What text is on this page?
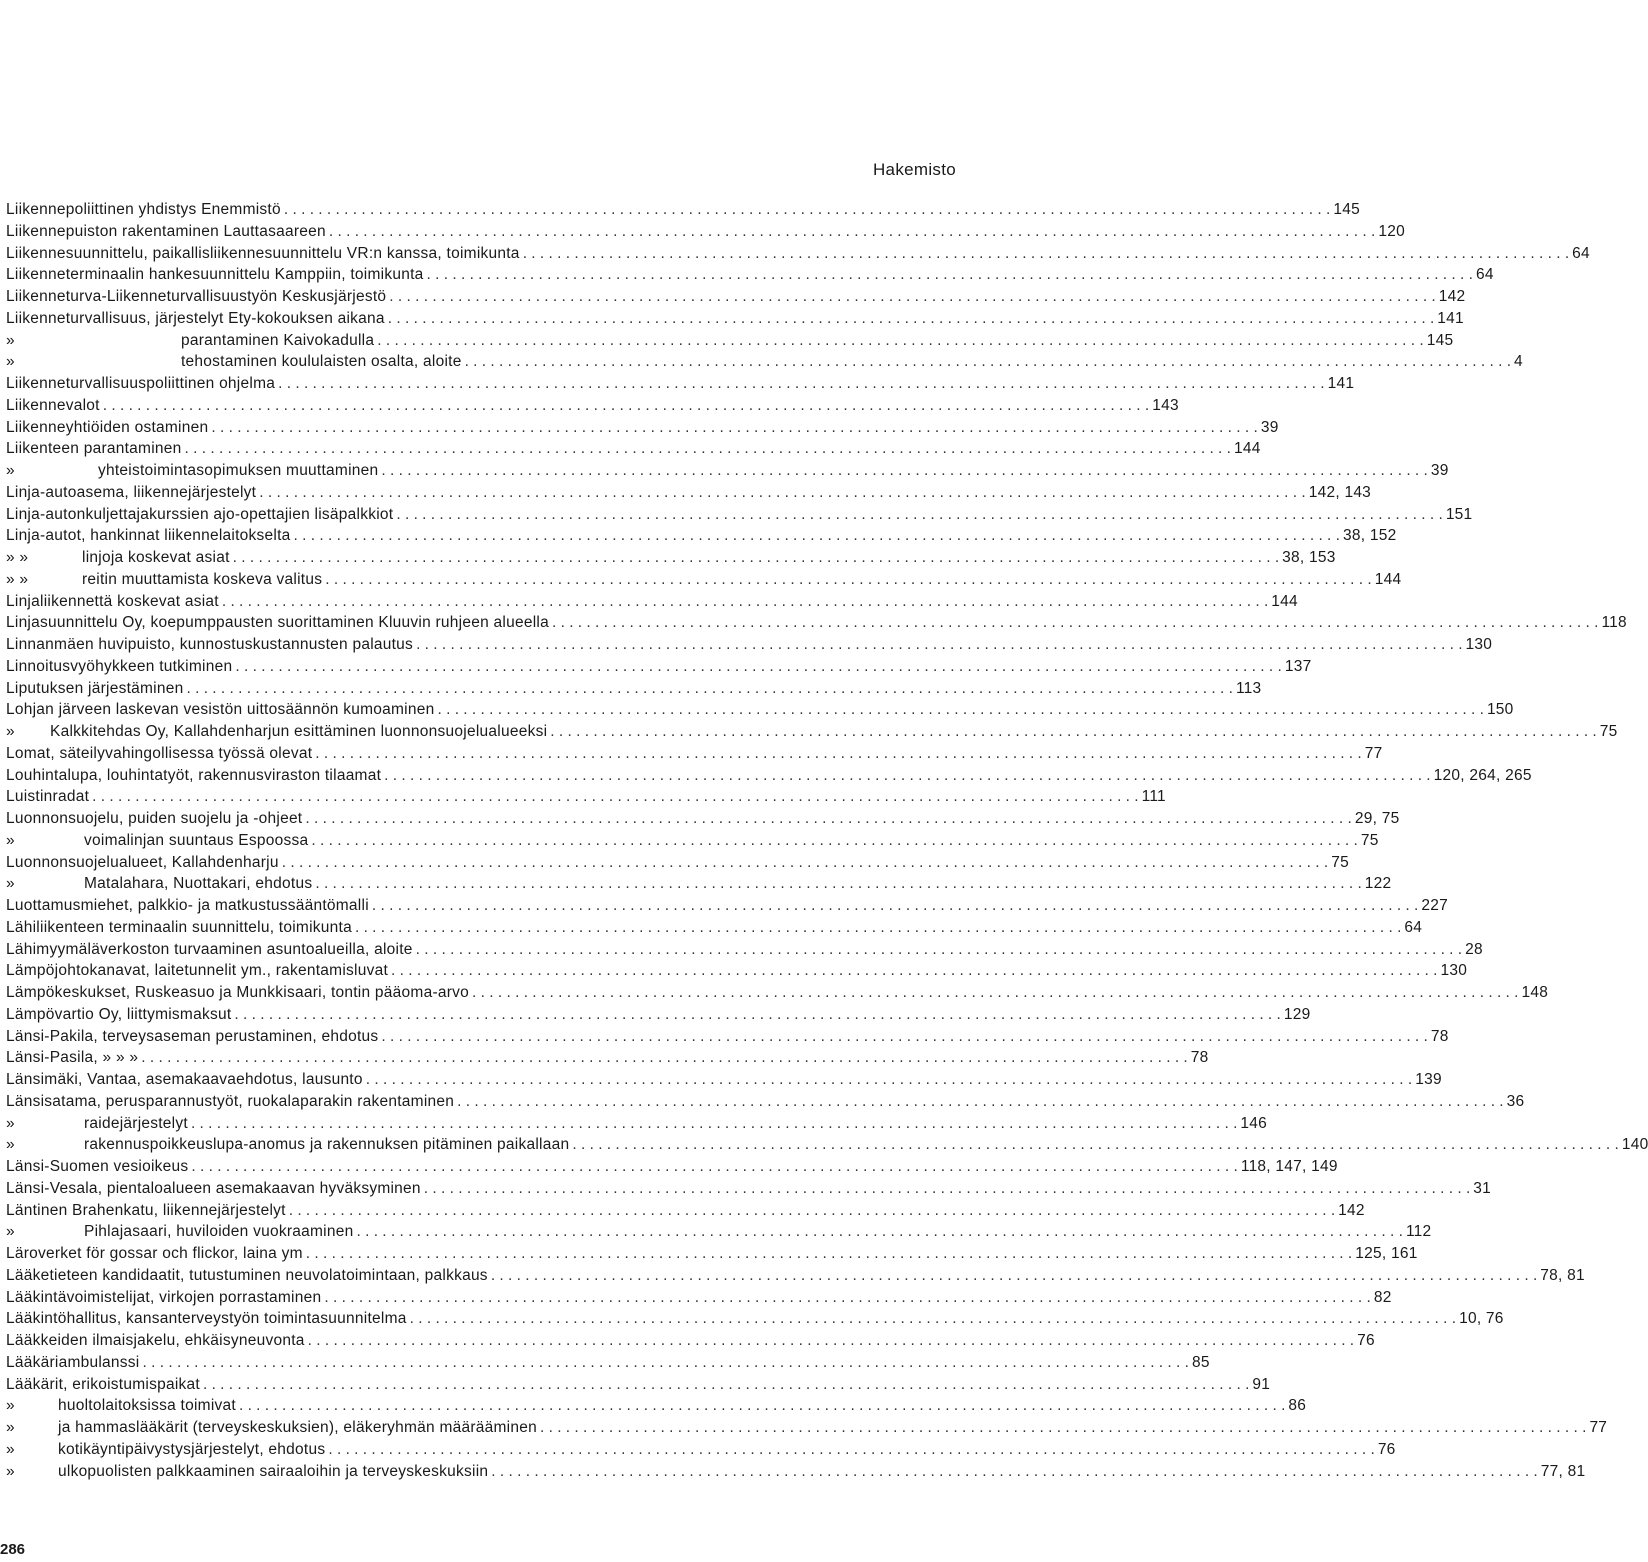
Hakemisto
Liikennepoliittinen yhdistys Enemmistö . . .	145
Liikennepuiston rakentaminen Lauttasaareen . . .	120
Liikennesuunnittelu, paikallisliikennesuunnittelu VR:n kanssa, toimikunta . . .	64
Liikenneterminaalin hankesuunnittelu Kamppiin, toimikunta . . .	64
Liikenneturva-Liikenneturvallisuustyön Keskusjärjestö . . .	142
Liikenneturvallisuus, järjestelyt Ety-kokouksen aikana . . .	141
»	parantaminen Kaivokadulla . . .	145
»	tehostaminen koululaisten osalta, aloite . . .	4
Liikenneturvallisuuspoliittinen ohjelma . . .	141
Liikennevalot . . .	143
Liikenneyhtiöiden ostaminen . . .	39
Liikenteen parantaminen . . .	144
»	yhteistoimintasopimuksen muuttaminen . . .	39
Linja-autoasema, liikennejärjestelyt . . .	142, 143
Linja-autonkuljettajakurssien ajo-opettajien lisäpalkkiot . . .	151
Linja-autot, hankinnat liikennelaitokselta . . .	38, 152
» »	linjoja koskevat asiat . . .	38, 153
» »	reitin muuttamista koskeva valitus . . .	144
Linjaliikennettä koskevat asiat . . .	144
Linjasuunnittelu Oy, koepumppausten suorittaminen Kluuvin ruhjeen alueella . . .	118
Linnanmäen huvipuisto, kunnostuskustannusten palautus . . .	130
Linnoitusvyöhykkeen tutkiminen . . .	137
Liputuksen järjestäminen . . .	113
Lohjan järveen laskevan vesistön uittosäännön kumoaminen . . .	150
»	Kalkkitehdas Oy, Kallahdenharjun esittäminen luonnonsuojelualueeksi . . .	75
Lomat, säteilyvahingollisessa työssä olevat . . .	77
Louhintalupa, louhintatyöt, rakennusviraston tilaamat . . .	120, 264, 265
Luistinradat . . .	111
Luonnonsuojelu, puiden suojelu ja -ohjeet . . .	29, 75
»	voimalinjan suuntaus Espoossa . . .	75
Luonnonsuojelualueet, Kallahdenharju . . .	75
»	Matalahara, Nuottakari, ehdotus . . .	122
Luottamusmiehet, palkkio- ja matkustussääntömalli . . .	227
Lähiliikenteen terminaalin suunnittelu, toimikunta . . .	64
Lähimyymäläverkoston turvaaminen asuntoalueilla, aloite . . .	28
Lämpöjohtokanavat, laitetunnelit ym., rakentamisluvat . . .	130
Lämpökeskukset, Ruskeasuo ja Munkkisaari, tontin pääoma-arvo . . .	148
Lämpövartio Oy, liittymismaksut . . .	129
Länsi-Pakila, terveysaseman perustaminen, ehdotus . . .	78
Länsi-Pasila, » » » . . .	78
Länsimäki, Vantaa, asemakaavaehdotus, lausunto . . .	139
Länsisatama, perusparannustyöt, ruokalaparakin rakentaminen . . .	36
»	raidejärjestelyt . . .	146
»	rakennuspoikkeuslupa-anomus ja rakennuksen pitäminen paikallaan . . .	140
Länsi-Suomen vesioikeus . . .	118, 147, 149
Länsi-Vesala, pientaloalueen asemakaavan hyväksyminen . . .	31
Läntinen Brahenkatu, liikennejärjestelyt . . .	142
»	Pihlajasaari, huviloiden vuokraaminen . . .	112
Läroverket för gossar och flickor, laina ym . . .	125, 161
Lääketieteen kandidaatit, tutustuminen neuvolatoimintaan, palkkaus . . .	78, 81
Lääkintävoimistelijat, virkojen porrastaminen . . .	82
Lääkintöhallitus, kansanterveystyön toimintasuunnitelma . . .	10, 76
Lääkkeiden ilmaisjakelu, ehkäisyneuvonta . . .	76
Lääkäriambulanssi . . .	85
Lääkärit, erikoistumispaikat . . .	91
»	huoltolaitoksissa toimivat . . .	86
»	ja hammaslääkärit (terveyskeskuksien), eläkeryhmän määrääminen . . .	77
»	kotikäyntipäivystysjärjestelyt, ehdotus . . .	76
»	ulkopuolisten palkkaaminen sairaaloihin ja terveyskeskuksiin . . .	77, 81
286
